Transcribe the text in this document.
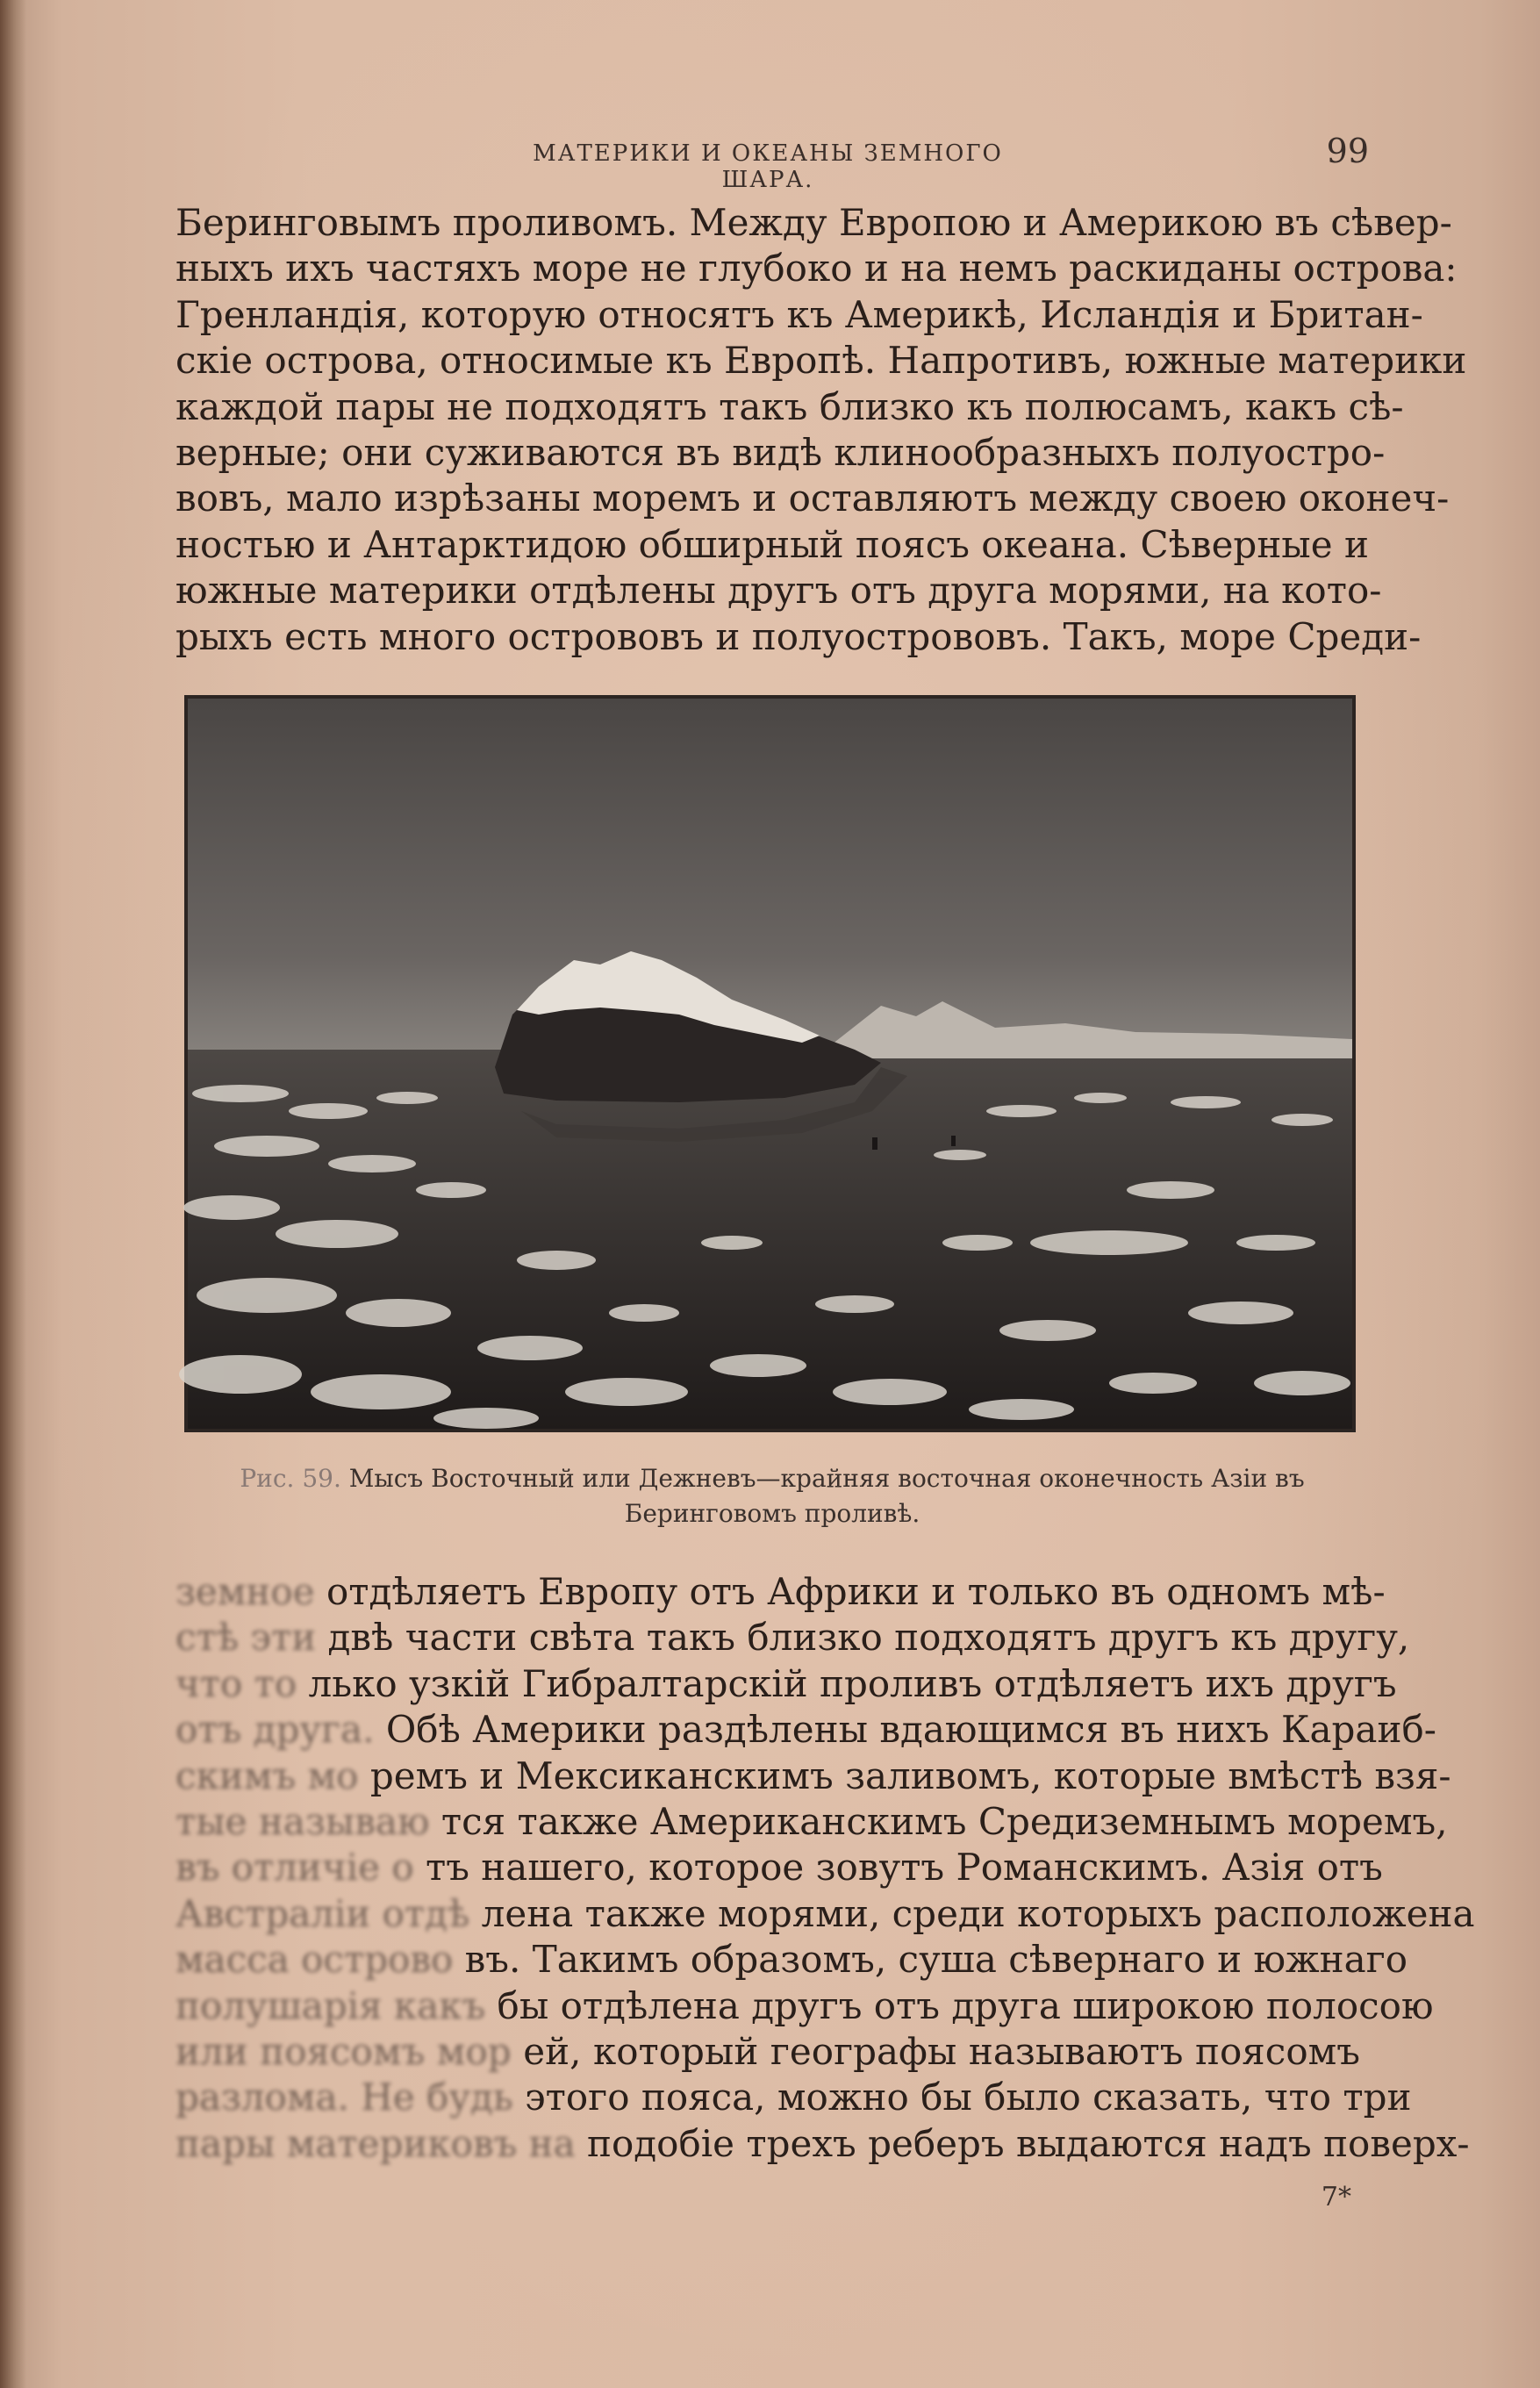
МАТЕРИКИ И ОКЕАНЫ ЗЕМНОГО ШАРА.
99
Беринговымъ проливомъ. Между Европою и Америкою въ сѣвер-
ныхъ ихъ частяхъ море не глубоко и на немъ раскиданы острова:
Гренландія, которую относятъ къ Америкѣ, Исландія и Британ-
скіе острова, относимые къ Европѣ. Напротивъ, южные материки
каждой пары не подходятъ такъ близко къ полюсамъ, какъ сѣ-
верные; они суживаются въ видѣ клинообразныхъ полуостро-
вовъ, мало изрѣзаны моремъ и оставляютъ между своею оконеч-
ностью и Антарктидою обширный поясъ океана. Сѣверные и
южные материки отдѣлены другъ отъ друга морями, на кото-
рыхъ есть много острововъ и полуострововъ. Такъ, море Среди-
Рис. 59. Мысъ Восточный или Дежневъ—крайняя восточная оконечность Азіи въ
Беринговомъ проливѣ.
земное отдѣляетъ Европу отъ Африки и только въ одномъ мѣ-
стѣ эти двѣ части свѣта такъ близко подходятъ другъ къ другу,
что то лько узкій Гибралтарскій проливъ отдѣляетъ ихъ другъ
отъ друга. Обѣ Америки раздѣлены вдающимся въ нихъ Караиб-
скимъ мо ремъ и Мексиканскимъ заливомъ, которые вмѣстѣ взя-
тые называю тся также Американскимъ Средиземнымъ моремъ,
въ отличіе о тъ нашего, которое зовутъ Романскимъ. Азія отъ
Австраліи отдѣ лена также морями, среди которыхъ расположена
масса острово въ. Такимъ образомъ, суша сѣвернаго и южнаго
полушарія какъ бы отдѣлена другъ отъ друга широкою полосою
или поясомъ мор ей, который географы называютъ поясомъ
разлома. Не будь этого пояса, можно бы было сказать, что три
пары материковъ на подобіе трехъ реберъ выдаются надъ поверх-
7*
